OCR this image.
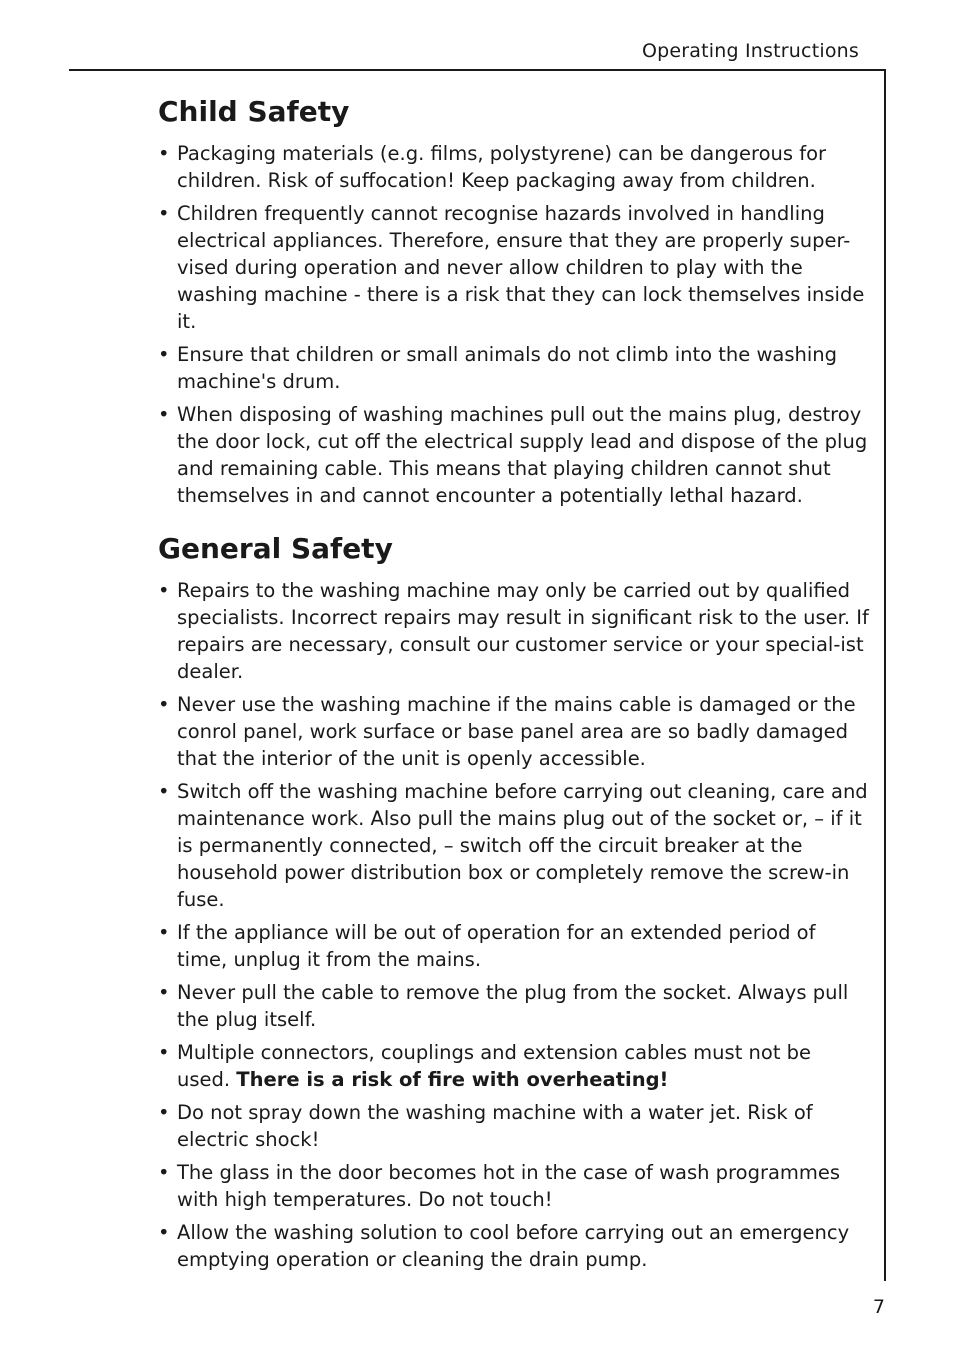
Operating Instructions
Child Safety
• Packaging materials (e.g. films, polystyrene) can be dangerous for children. Risk of suffocation! Keep packaging away from children.
• Children frequently cannot recognise hazards involved in handling electrical appliances. Therefore, ensure that they are properly super-vised during operation and never allow children to play with the washing machine - there is a risk that they can lock themselves inside it.
• Ensure that children or small animals do not climb into the washing machine's drum.
• When disposing of washing machines pull out the mains plug, destroy the door lock, cut off the electrical supply lead and dispose of the plug and remaining cable. This means that playing children cannot shut themselves in and cannot encounter a potentially lethal hazard.
General Safety
• Repairs to the washing machine may only be carried out by qualified specialists. Incorrect repairs may result in significant risk to the user. If repairs are necessary, consult our customer service or your special-ist dealer.
• Never use the washing machine if the mains cable is damaged or the conrol panel, work surface or base panel area are so badly damaged that the interior of the unit is openly accessible.
• Switch off the washing machine before carrying out cleaning, care and maintenance work. Also pull the mains plug out of the socket or, – if it is permanently connected, – switch off the circuit breaker at the household power distribution box or completely remove the screw-in fuse.
• If the appliance will be out of operation for an extended period of time, unplug it from the mains.
• Never pull the cable to remove the plug from the socket. Always pull the plug itself.
• Multiple connectors, couplings and extension cables must not be used. There is a risk of fire with overheating!
• Do not spray down the washing machine with a water jet. Risk of electric shock!
• The glass in the door becomes hot in the case of wash programmes with high temperatures. Do not touch!
• Allow the washing solution to cool before carrying out an emergency emptying operation or cleaning the drain pump.
7
